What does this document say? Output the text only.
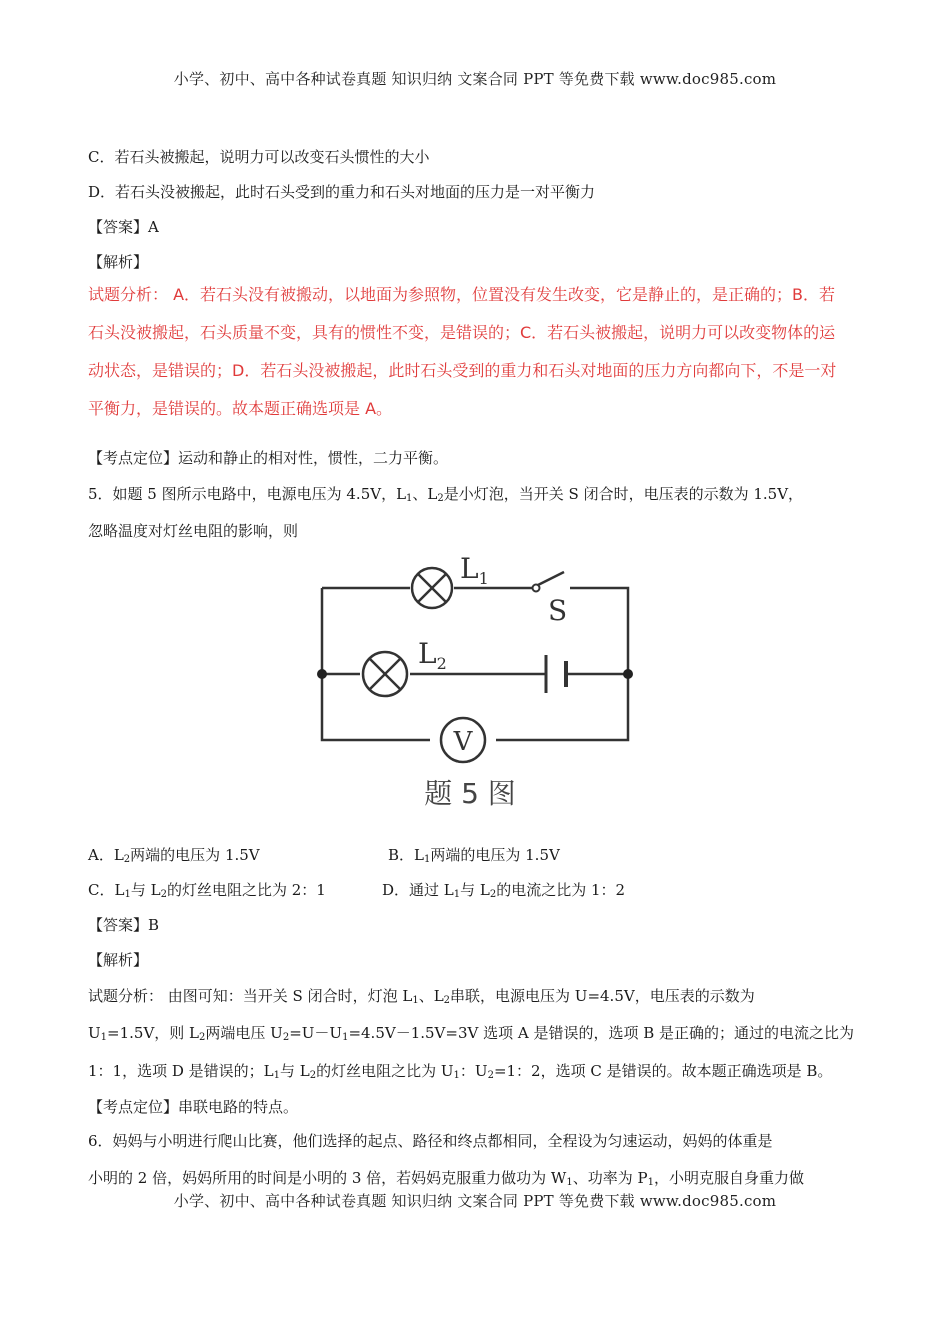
小学、初中、高中各种试卷真题 知识归纳 文案合同 PPT 等免费下载 www.doc985.com
C．若石头被搬起，说明力可以改变石头惯性的大小
D．若石头没被搬起，此时石头受到的重力和石头对地面的压力是一对平衡力
【答案】A
【解析】
试题分析： A．若石头没有被搬动，以地面为参照物，位置没有发生改变，它是静止的，是正确的；B．若
石头没被搬起，石头质量不变，具有的惯性不变，是错误的；C．若石头被搬起，说明力可以改变物体的运
动状态，是错误的；D．若石头没被搬起，此时石头受到的重力和石头对地面的压力方向都向下，不是一对
平衡力，是错误的。故本题正确选项是 A。
【考点定位】运动和静止的相对性，惯性，二力平衡。
5．如题 5 图所示电路中，电源电压为 4.5V，$L_1$、$L_2$是小灯泡，当开关 S 闭合时，电压表的示数为 1.5V，
忽略温度对灯丝电阻的影响，则
$L_1$
$L_2$
S
V
题 5 图
A．$L_2$两端的电压为 1.5V	B．$L_1$两端的电压为 1.5V
C．$L_1$与 $L_2$的灯丝电阻之比为 2：1	D．通过 $L_1$与 $L_2$的电流之比为 1：2
【答案】B
【解析】
试题分析： 由图可知：当开关 S 闭合时，灯泡 $L_1$、$L_2$串联，电源电压为 U=4.5V，电压表的示数为
$U_1=1.5V$，则 $L_2$两端电压 $U_2=U-U_1=4.5V-1.5V=3V$ 选项 A 是错误的，选项 B 是正确的；通过的电流之比为
1：1，选项 D 是错误的；$L_1$与 $L_2$的灯丝电阻之比为 $U_1$：$U_2=1$：2，选项 C 是错误的。故本题正确选项是 B。
【考点定位】串联电路的特点。
6．妈妈与小明进行爬山比赛，他们选择的起点、路径和终点都相同，全程设为匀速运动，妈妈的体重是
小明的 2 倍，妈妈所用的时间是小明的 3 倍，若妈妈克服重力做功为 $W_1$、功率为 $P_1$，小明克服自身重力做
小学、初中、高中各种试卷真题 知识归纳 文案合同 PPT 等免费下载 www.doc985.com
